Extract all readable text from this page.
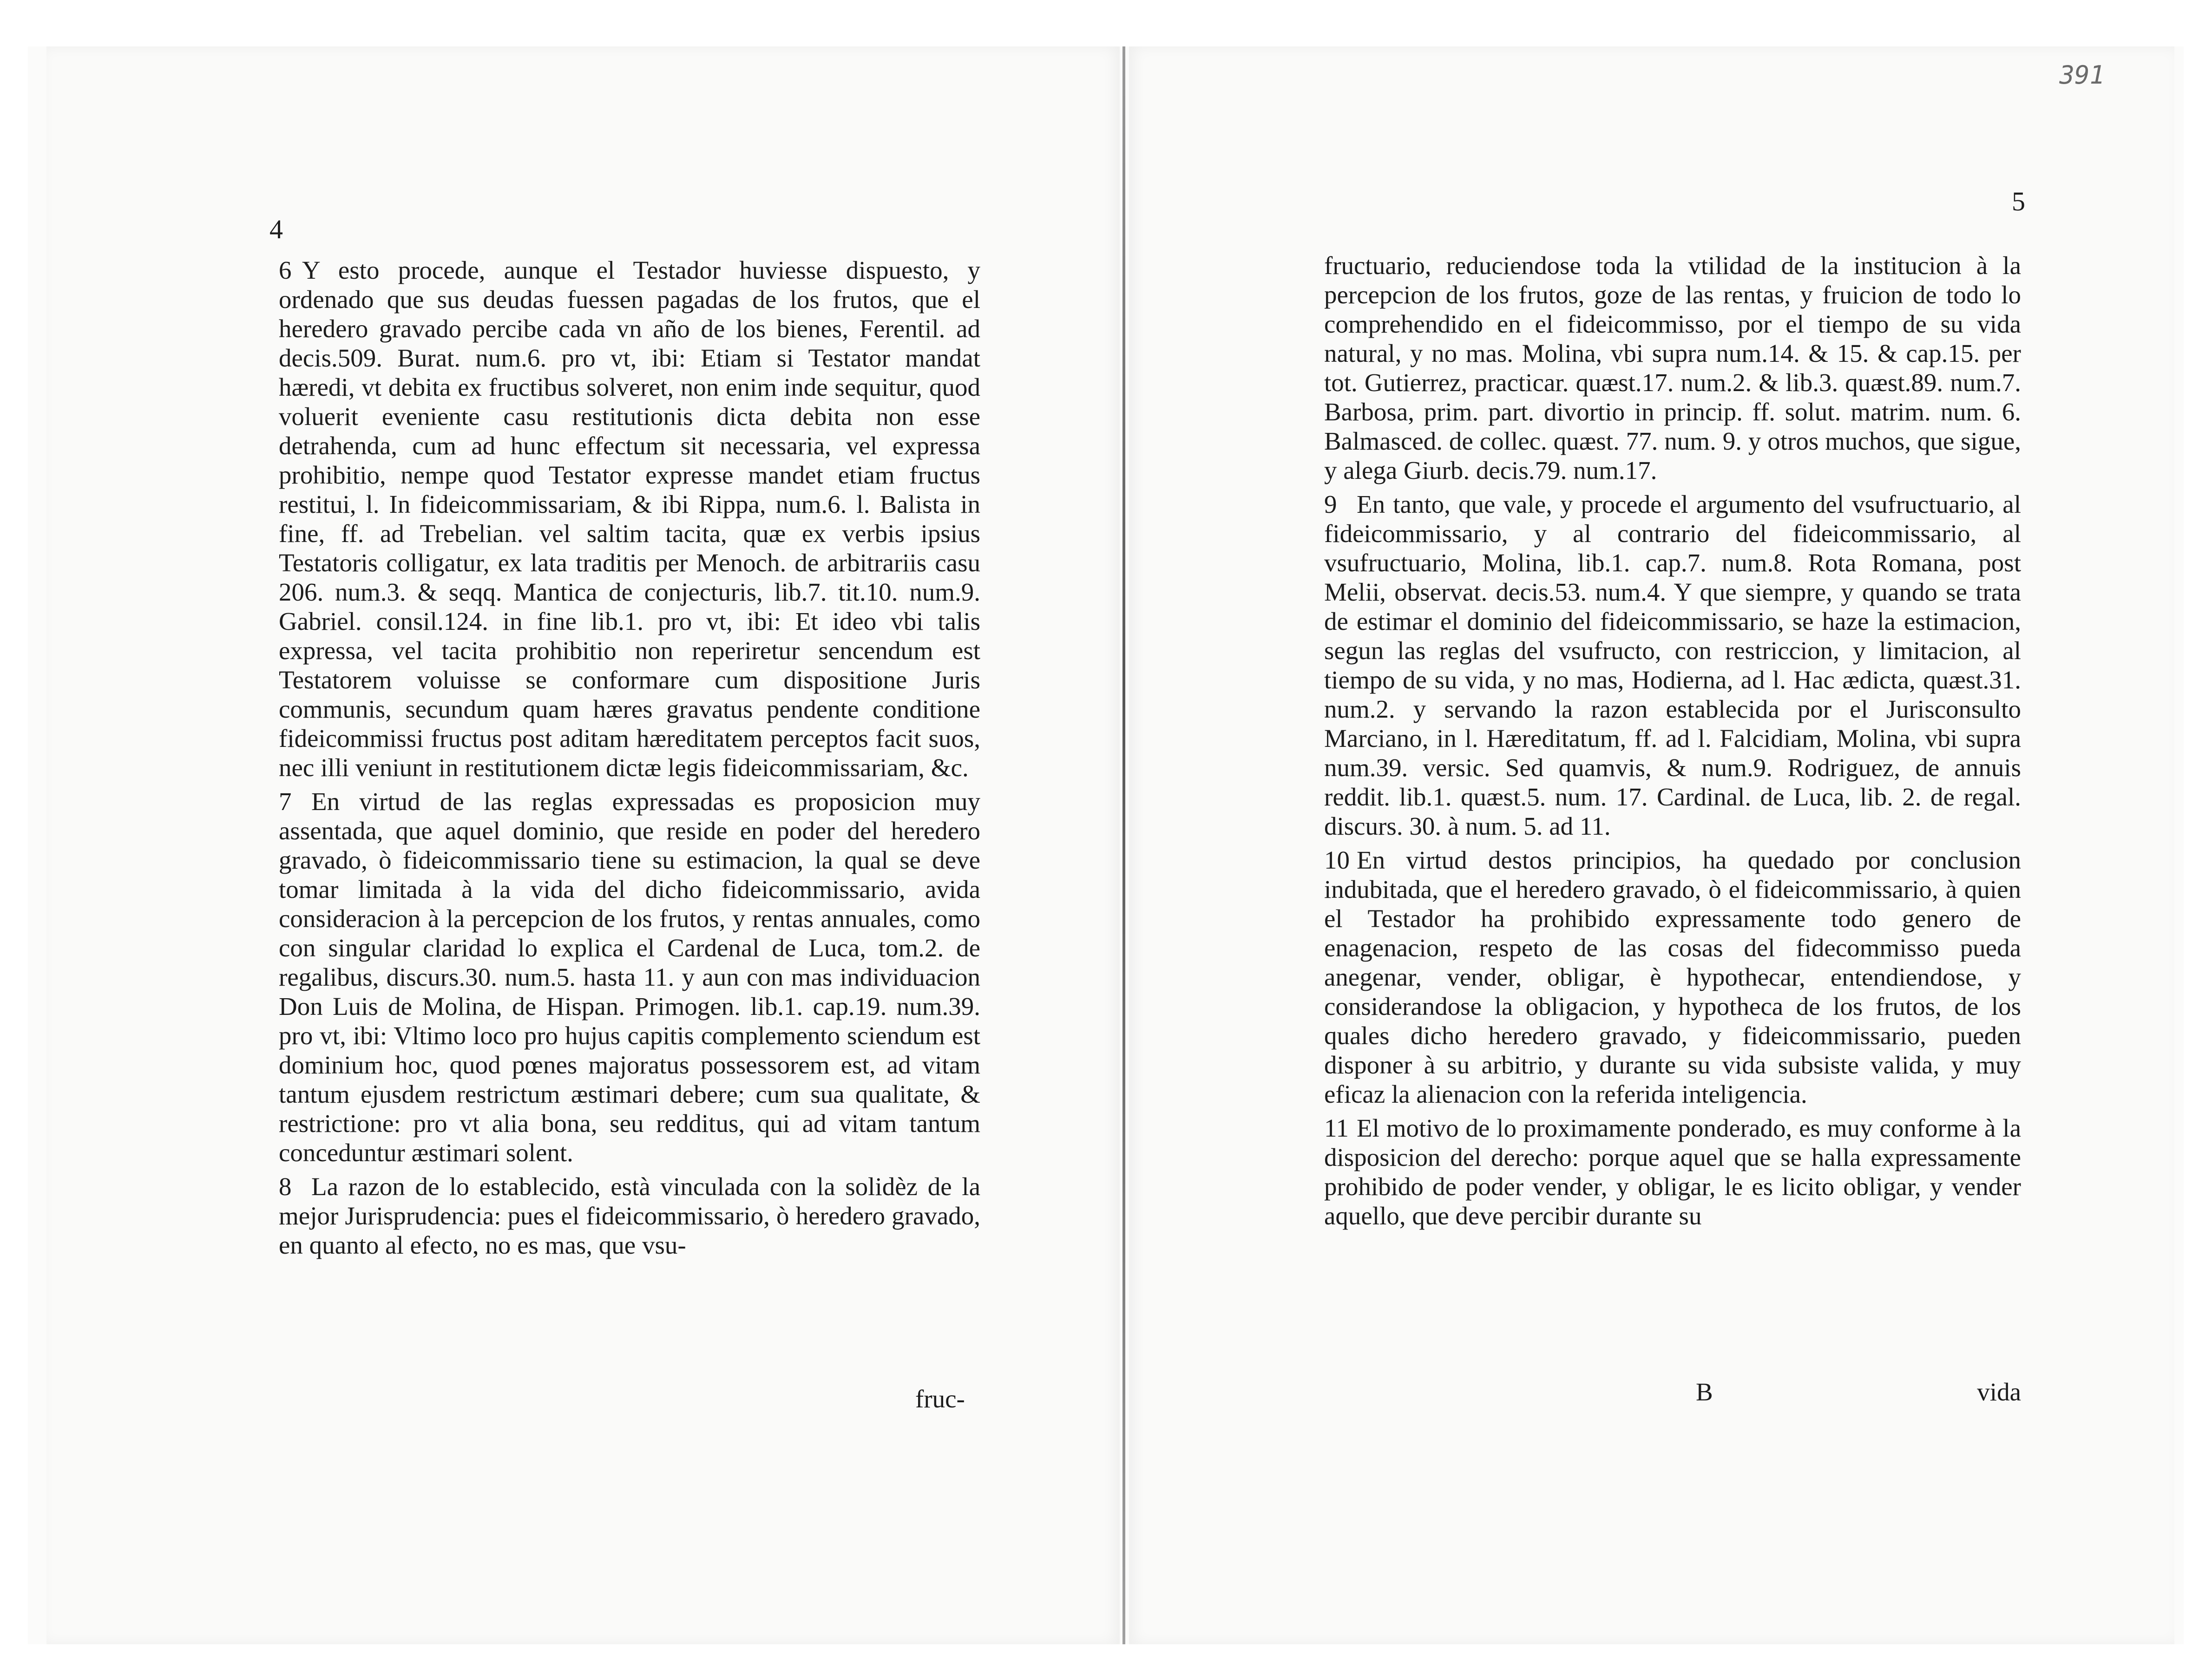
4

6 Y esto procede, aunque el Testador huviesse dispuesto, y ordenado que sus deudas fuessen pagadas de los frutos, que el heredero gravado percibe cada vn año de los bienes, Ferentil. ad decis.509. Burat. num.6. pro vt, ibi: Etiam si Testator mandat hæredi, vt debita ex fructibus solveret, non enim inde sequitur, quod voluerit eveniente casu restitutionis dicta debita non esse detrahenda, cum ad hunc effectum sit necessaria, vel expressa prohibitio, nempe quod Testator expresse mandet etiam fructus restitui, l. In fideicommissariam, & ibi Rippa, num.6. l. Balista in fine, ff. ad Trebelian. vel saltim tacita, quæ ex verbis ipsius Testatoris colligatur, ex lata traditis per Menoch. de arbitrariis casu 206. num.3. & seqq. Mantica de conjecturis, lib.7. tit.10. num.9. Gabriel. consil.124. in fine lib.1. pro vt, ibi: Et ideo vbi talis expressa, vel tacita prohibitio non reperiretur sencendum est Testatorem voluisse se conformare cum dispositione Juris communis, secundum quam hæres gravatus pendente conditione fideicommissi fructus post aditam hæreditatem perceptos facit suos, nec illi veniunt in restitutionem dictæ legis fideicommissariam, &c.

7 En virtud de las reglas expressadas es proposicion muy assentada, que aquel dominio, que reside en poder del heredero gravado, ò fideicommissario tiene su estimacion, la qual se deve tomar limitada à la vida del dicho fideicommissario, avida consideracion à la percepcion de los frutos, y rentas annuales, como con singular claridad lo explica el Cardenal de Luca, tom.2. de regalibus, discurs.30. num.5. hasta 11. y aun con mas individuacion Don Luis de Molina, de Hispan. Primogen. lib.1. cap.19. num.39. pro vt, ibi: Vltimo loco pro hujus capitis complemento sciendum est dominium hoc, quod pœnes majoratus possessorem est, ad vitam tantum ejusdem restrictum æstimari debere; cum sua qualitate, & restrictione: pro vt alia bona, seu redditus, qui ad vitam tantum conceduntur æstimari solent.

8 La razon de lo establecido, està vinculada con la solidèz de la mejor Jurisprudencia: pues el fideicommissario, ò heredero gravado, en quanto al efecto, no es mas, que vsu-

fruc-
391
5

fructuario, reduciendose toda la vtilidad de la institucion à la percepcion de los frutos, goze de las rentas, y fruicion de todo lo comprehendido en el fideicommisso, por el tiempo de su vida natural, y no mas. Molina, vbi supra num.14. & 15. & cap.15. per tot. Gutierrez, practicar. quæst.17. num.2. & lib.3. quæst.89. num.7. Barbosa, prim. part. divortio in princip. ff. solut. matrim. num. 6. Balmasced. de collec. quæst. 77. num. 9. y otros muchos, que sigue, y alega Giurb. decis.79. num.17.

9 En tanto, que vale, y procede el argumento del vsufructuario, al fideicommissario, y al contrario del fideicommissario, al vsufructuario, Molina, lib.1. cap.7. num.8. Rota Romana, post Melii, observat. decis.53. num.4. Y que siempre, y quando se trata de estimar el dominio del fideicommissario, se haze la estimacion, segun las reglas del vsufructo, con restriccion, y limitacion, al tiempo de su vida, y no mas, Hodierna, ad l. Hac ædicta, quæst.31. num.2. y servando la razon establecida por el Jurisconsulto Marciano, in l. Hæreditatum, ff. ad l. Falcidiam, Molina, vbi supra num.39. versic. Sed quamvis, & num.9. Rodriguez, de annuis reddit. lib.1. quæst.5. num. 17. Cardinal. de Luca, lib. 2. de regal. discurs. 30. à num. 5. ad 11.

10 En virtud destos principios, ha quedado por conclusion indubitada, que el heredero gravado, ò el fideicommissario, à quien el Testador ha prohibido expressamente todo genero de enagenacion, respeto de las cosas del fidecommisso pueda anegenar, vender, obligar, è hypothecar, entendiendose, y considerandose la obligacion, y hypotheca de los frutos, de los quales dicho heredero gravado, y fideicommissario, pueden disponer à su arbitrio, y durante su vida subsiste valida, y muy eficaz la alienacion con la referida inteligencia.

11 El motivo de lo proximamente ponderado, es muy conforme à la disposicion del derecho: porque aquel que se halla expressamente prohibido de poder vender, y obligar, le es licito obligar, y vender aquello, que deve percibir durante su

B	vida
